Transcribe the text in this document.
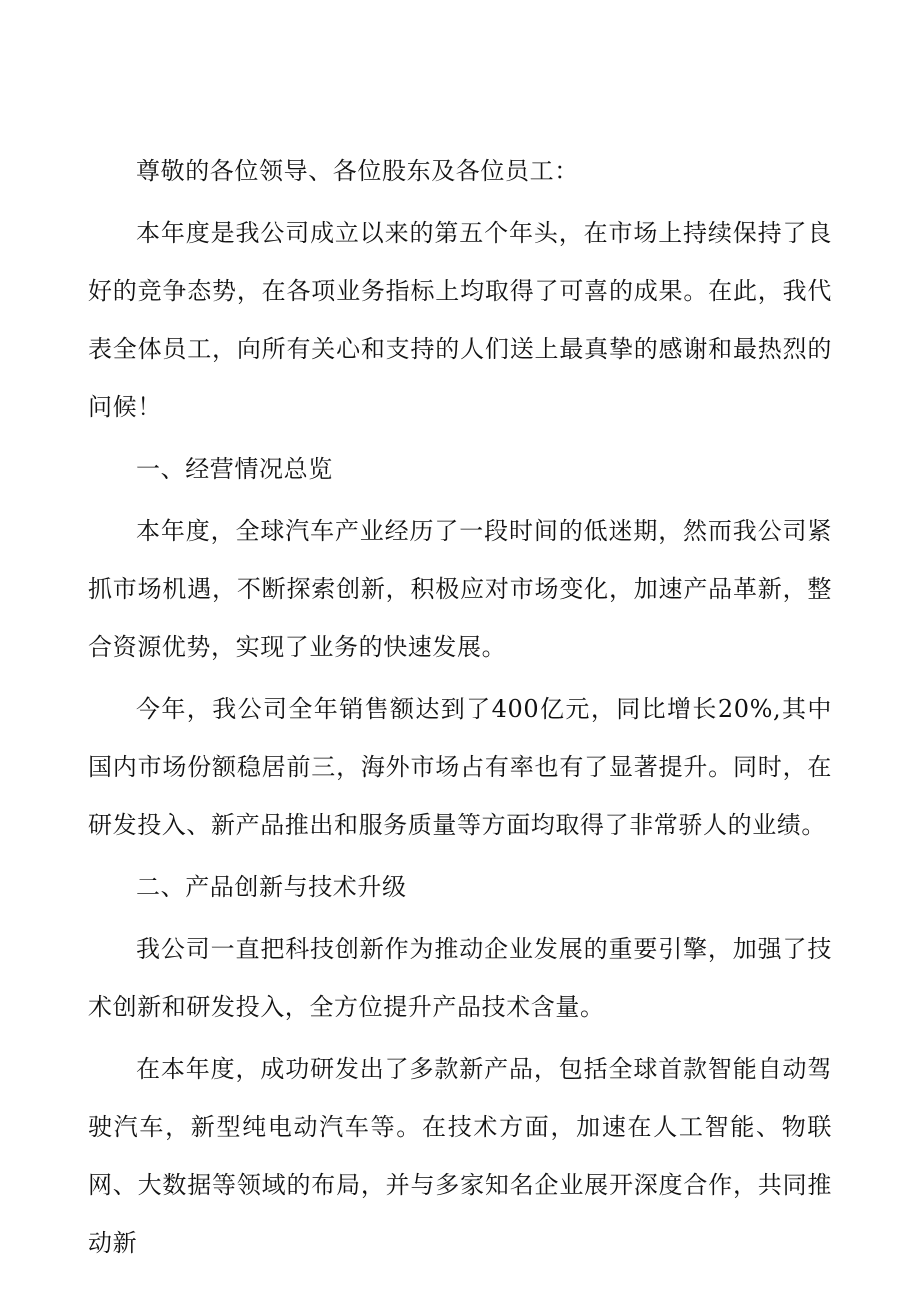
尊敬的各位领导、各位股东及各位员工：

本年度是我公司成立以来的第五个年头，在市场上持续保持了良好的竞争态势，在各项业务指标上均取得了可喜的成果。在此，我代表全体员工，向所有关心和支持的人们送上最真挚的感谢和最热烈的问候！

一、经营情况总览

本年度，全球汽车产业经历了一段时间的低迷期，然而我公司紧抓市场机遇，不断探索创新，积极应对市场变化，加速产品革新，整合资源优势，实现了业务的快速发展。

今年，我公司全年销售额达到了400亿元，同比增长20%,其中国内市场份额稳居前三，海外市场占有率也有了显著提升。同时，在研发投入、新产品推出和服务质量等方面均取得了非常骄人的业绩。

二、产品创新与技术升级

我公司一直把科技创新作为推动企业发展的重要引擎，加强了技术创新和研发投入，全方位提升产品技术含量。

在本年度，成功研发出了多款新产品，包括全球首款智能自动驾驶汽车，新型纯电动汽车等。在技术方面，加速在人工智能、物联网、大数据等领域的布局，并与多家知名企业展开深度合作，共同推动新
